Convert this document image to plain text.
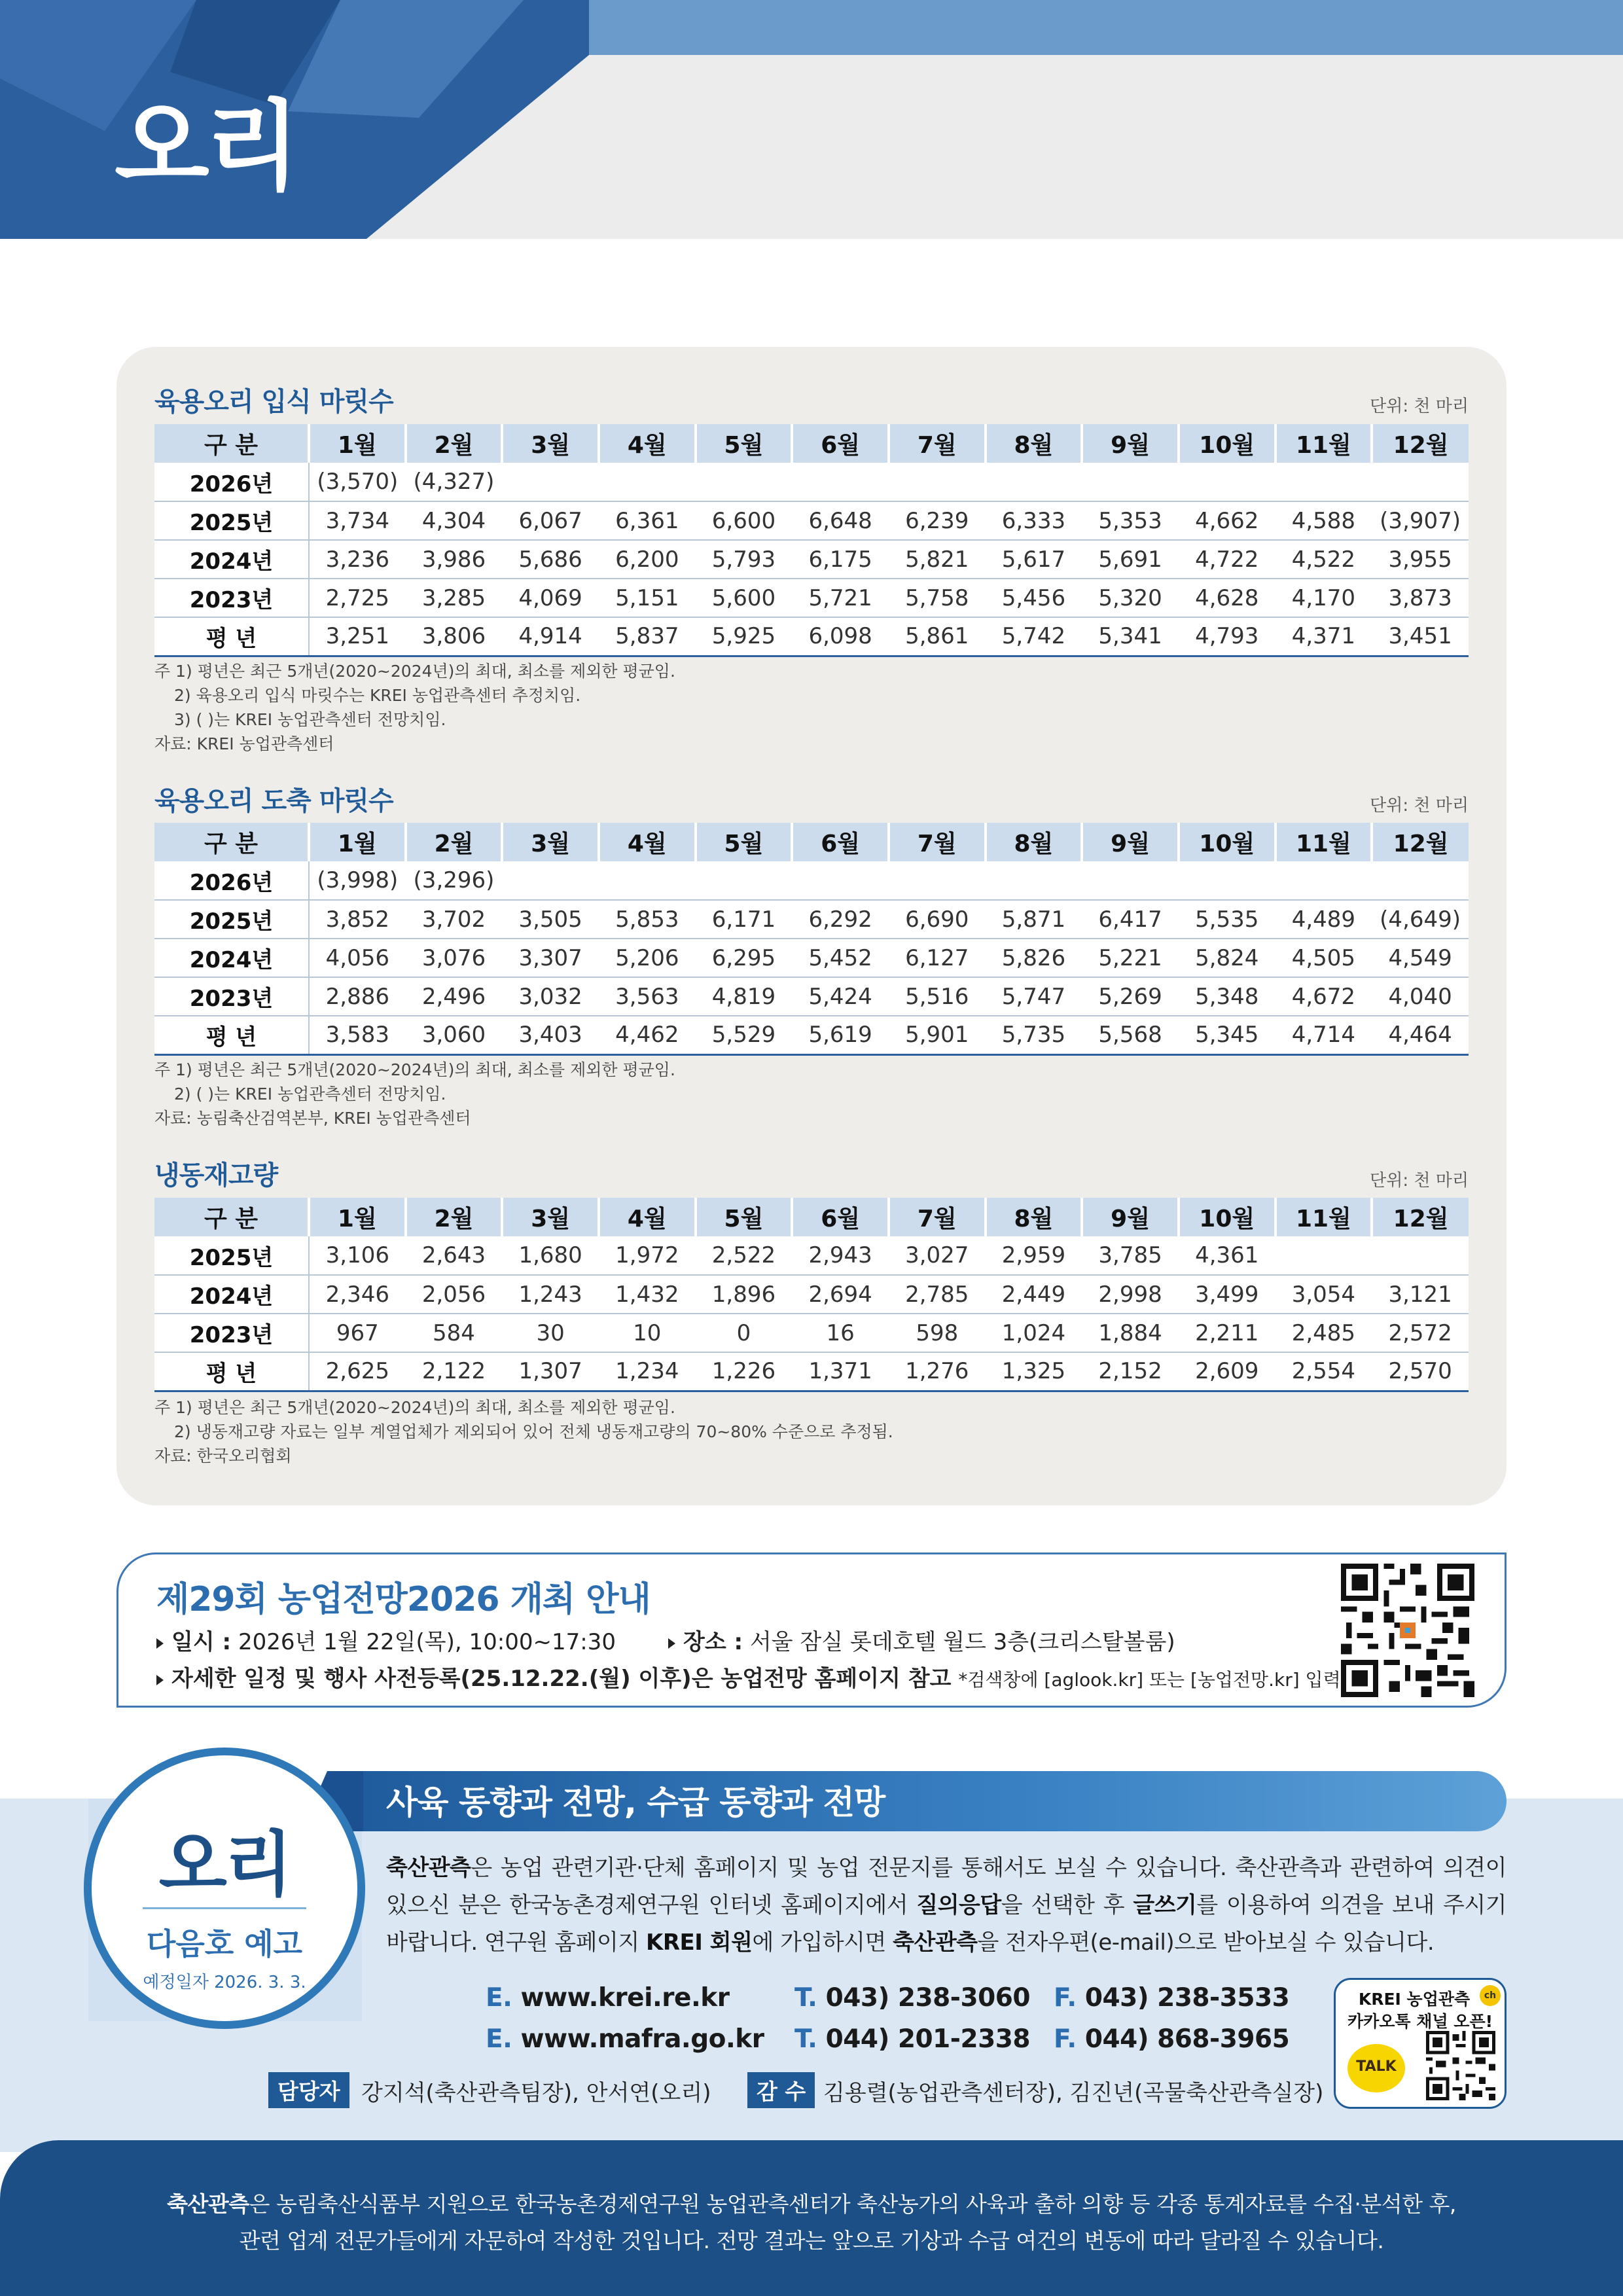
오리
육용오리 입식 마릿수	단위: 천 마리
구 분	1월	2월	3월	4월	5월	6월	7월	8월	9월	10월	11월	12월
2026년	(3,570)	(4,327)										
2025년	3,734	4,304	6,067	6,361	6,600	6,648	6,239	6,333	5,353	4,662	4,588	(3,907)
2024년	3,236	3,986	5,686	6,200	5,793	6,175	5,821	5,617	5,691	4,722	4,522	3,955
2023년	2,725	3,285	4,069	5,151	5,600	5,721	5,758	5,456	5,320	4,628	4,170	3,873
평 년	3,251	3,806	4,914	5,837	5,925	6,098	5,861	5,742	5,341	4,793	4,371	3,451
주 1) 평년은 최근 5개년(2020~2024년)의 최대, 최소를 제외한 평균임.
2) 육용오리 입식 마릿수는 KREI 농업관측센터 추정치임.
3) ( )는 KREI 농업관측센터 전망치임.
자료: KREI 농업관측센터
육용오리 도축 마릿수	단위: 천 마리
구 분	1월	2월	3월	4월	5월	6월	7월	8월	9월	10월	11월	12월
2026년	(3,998)	(3,296)										
2025년	3,852	3,702	3,505	5,853	6,171	6,292	6,690	5,871	6,417	5,535	4,489	(4,649)
2024년	4,056	3,076	3,307	5,206	6,295	5,452	6,127	5,826	5,221	5,824	4,505	4,549
2023년	2,886	2,496	3,032	3,563	4,819	5,424	5,516	5,747	5,269	5,348	4,672	4,040
평 년	3,583	3,060	3,403	4,462	5,529	5,619	5,901	5,735	5,568	5,345	4,714	4,464
주 1) 평년은 최근 5개년(2020~2024년)의 최대, 최소를 제외한 평균임.
2) ( )는 KREI 농업관측센터 전망치임.
자료: 농림축산검역본부, KREI 농업관측센터
냉동재고량	단위: 천 마리
구 분	1월	2월	3월	4월	5월	6월	7월	8월	9월	10월	11월	12월
2025년	3,106	2,643	1,680	1,972	2,522	2,943	3,027	2,959	3,785	4,361		
2024년	2,346	2,056	1,243	1,432	1,896	2,694	2,785	2,449	2,998	3,499	3,054	3,121
2023년	967	584	30	10	0	16	598	1,024	1,884	2,211	2,485	2,572
평 년	2,625	2,122	1,307	1,234	1,226	1,371	1,276	1,325	2,152	2,609	2,554	2,570
주 1) 평년은 최근 5개년(2020~2024년)의 최대, 최소를 제외한 평균임.
2) 냉동재고량 자료는 일부 계열업체가 제외되어 있어 전체 냉동재고량의 70~80% 수준으로 추정됨.
자료: 한국오리협회
제29회 농업전망2026 개최 안내
일시 : 2026년 1월 22일(목), 10:00~17:30	장소 : 서울 잠실 롯데호텔 월드 3층(크리스탈볼룸)
자세한 일정 및 행사 사전등록(25.12.22.(월) 이후)은 농업전망 홈페이지 참고 *검색창에 [aglook.kr] 또는 [농업전망.kr] 입력
사육 동향과 전망, 수급 동향과 전망
오리
다음호 예고
예정일자 2026. 3. 3.
축산관측은 농업 관련기관·단체 홈페이지 및 농업 전문지를 통해서도 보실 수 있습니다. 축산관측과 관련하여 의견이 있으신 분은 한국농촌경제연구원 인터넷 홈페이지에서 질의응답을 선택한 후 글쓰기를 이용하여 의견을 보내 주시기 바랍니다. 연구원 홈페이지 KREI 회원에 가입하시면 축산관측을 전자우편(e-mail)으로 받아보실 수 있습니다.
E. www.krei.re.kr	T. 043) 238-3060 F. 043) 238-3533
E. www.mafra.go.kr T. 044) 201-2338 F. 044) 868-3965
담당자 강지석(축산관측팀장), 안서연(오리)	감 수 김용렬(농업관측센터장), 김진년(곡물축산관측실장)
KREI 농업관측	ch
카카오톡 채널 오픈!
TALK
축산관측은 농림축산식품부 지원으로 한국농촌경제연구원 농업관측센터가 축산농가의 사육과 출하 의향 등 각종 통계자료를 수집·분석한 후,
관련 업계 전문가들에게 자문하여 작성한 것입니다. 전망 결과는 앞으로 기상과 수급 여건의 변동에 따라 달라질 수 있습니다.
